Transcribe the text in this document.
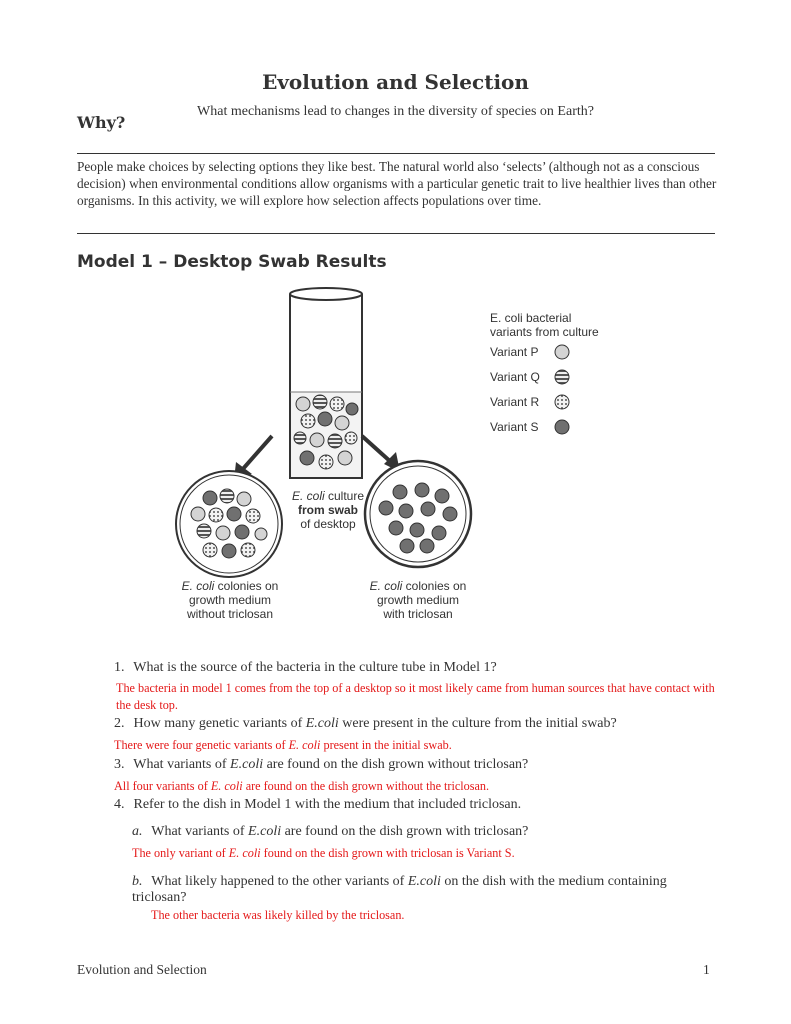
Evolution and Selection
What mechanisms lead to changes in the diversity of species on Earth?
Why?
People make choices by selecting options they like best. The natural world also ‘selects’ (although not as a conscious decision) when environmental conditions allow organisms with a particular genetic trait to live healthier lives than other organisms. In this activity, we will explore how selection affects populations over time.
Model 1 – Desktop Swab Results
E. coli culture
from swab
of desktop
E. coli colonies on
growth medium
without triclosan
E. coli colonies on
growth medium
with triclosan
E. coli bacterial
variants from culture
Variant P
Variant Q
Variant R
Variant S
1. What is the source of the bacteria in the culture tube in Model 1?
The bacteria in model 1 comes from the top of a desktop so it most likely came from human sources that have contact with the desk top.
2. How many genetic variants of E.coli were present in the culture from the initial swab?
There were four genetic variants of E. coli present in the initial swab.
3. What variants of E.coli are found on the dish grown without triclosan?
All four variants of E. coli are found on the dish grown without the triclosan.
4. Refer to the dish in Model 1 with the medium that included triclosan.
a. What variants of E.coli are found on the dish grown with triclosan?
The only variant of E. coli found on the dish grown with triclosan is Variant S.
b. What likely happened to the other variants of E.coli on the dish with the medium containing triclosan?
The other bacteria was likely killed by the triclosan.
Evolution and Selection	1
